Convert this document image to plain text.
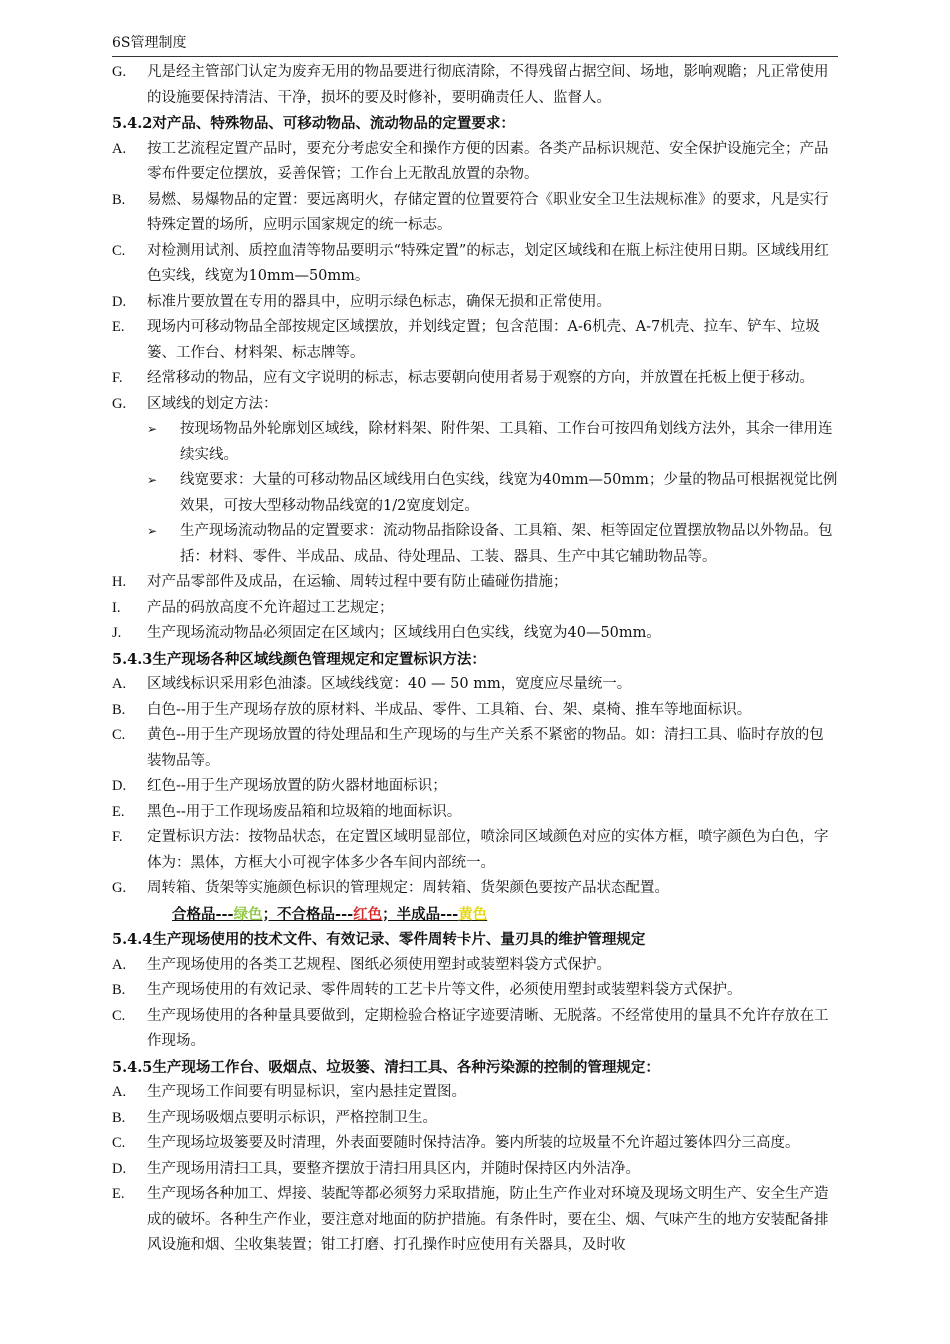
6S管理制度
G.	凡是经主管部门认定为废弃无用的物品要进行彻底清除，不得残留占据空间、场地，影响观瞻；凡正常使用的设施要保持清洁、干净，损坏的要及时修补，要明确责任人、监督人。
5.4.2对产品、特殊物品、可移动物品、流动物品的定置要求：
A.	按工艺流程定置产品时，要充分考虑安全和操作方便的因素。各类产品标识规范、安全保护设施完全；产品零布件要定位摆放，妥善保管；工作台上无散乱放置的杂物。
B.	易燃、易爆物品的定置：要远离明火，存储定置的位置要符合《职业安全卫生法规标准》的要求，凡是实行特殊定置的场所，应明示国家规定的统一标志。
C.	对检测用试剂、质控血清等物品要明示“特殊定置”的标志，划定区域线和在瓶上标注使用日期。区域线用红色实线，线宽为10mm—50mm。
D.	标准片要放置在专用的器具中，应明示绿色标志，确保无损和正常使用。
E.	现场内可移动物品全部按规定区域摆放，并划线定置；包含范围：A-6机壳、A-7机壳、拉车、铲车、垃圾篓、工作台、材料架、标志牌等。
F.	经常移动的物品，应有文字说明的标志，标志要朝向使用者易于观察的方向，并放置在托板上便于移动。
G.	区域线的划定方法：
➢	按现场物品外轮廓划区域线，除材料架、附件架、工具箱、工作台可按四角划线方法外，其余一律用连续实线。
➢	线宽要求：大量的可移动物品区域线用白色实线，线宽为40mm—50mm；少量的物品可根据视觉比例效果，可按大型移动物品线宽的1/2宽度划定。
➢	生产现场流动物品的定置要求：流动物品指除设备、工具箱、架、柜等固定位置摆放物品以外物品。包括：材料、零件、半成品、成品、待处理品、工装、器具、生产中其它辅助物品等。
H.	对产品零部件及成品，在运输、周转过程中要有防止磕碰伤措施；
I.	产品的码放高度不允许超过工艺规定；
J.	生产现场流动物品必须固定在区域内；区域线用白色实线，线宽为40—50mm。
5.4.3生产现场各种区域线颜色管理规定和定置标识方法：
A.	区域线标识采用彩色油漆。区域线线宽：40 — 50 mm，宽度应尽量统一。
B.	白色--用于生产现场存放的原材料、半成品、零件、工具箱、台、架、桌椅、推车等地面标识。
C.	黄色--用于生产现场放置的待处理品和生产现场的与生产关系不紧密的物品。如：清扫工具、临时存放的包装物品等。
D.	红色--用于生产现场放置的防火器材地面标识；
E.	黑色--用于工作现场废品箱和垃圾箱的地面标识。
F.	定置标识方法：按物品状态，在定置区域明显部位，喷涂同区域颜色对应的实体方框，喷字颜色为白色，字体为：黑体，方框大小可视字体多少各车间内部统一。
G.	周转箱、货架等实施颜色标识的管理规定：周转箱、货架颜色要按产品状态配置。
合格品---绿色；不合格品---红色；半成品---黄色
5.4.4生产现场使用的技术文件、有效记录、零件周转卡片、量刃具的维护管理规定
A.	生产现场使用的各类工艺规程、图纸必须使用塑封或装塑料袋方式保护。
B.	生产现场使用的有效记录、零件周转的工艺卡片等文件，必须使用塑封或装塑料袋方式保护。
C.	生产现场使用的各种量具要做到，定期检验合格证字迹要清晰、无脱落。不经常使用的量具不允许存放在工作现场。
5.4.5生产现场工作台、吸烟点、垃圾篓、清扫工具、各种污染源的控制的管理规定：
A.	生产现场工作间要有明显标识，室内悬挂定置图。
B.	生产现场吸烟点要明示标识，严格控制卫生。
C.	生产现场垃圾篓要及时清理，外表面要随时保持洁净。篓内所装的垃圾量不允许超过篓体四分三高度。
D.	生产现场用清扫工具，要整齐摆放于清扫用具区内，并随时保持区内外洁净。
E.	生产现场各种加工、焊接、装配等都必须努力采取措施，防止生产作业对环境及现场文明生产、安全生产造成的破坏。各种生产作业，要注意对地面的防护措施。有条件时，要在尘、烟、气味产生的地方安装配备排风设施和烟、尘收集装置；钳工打磨、打孔操作时应使用有关器具，及时收
